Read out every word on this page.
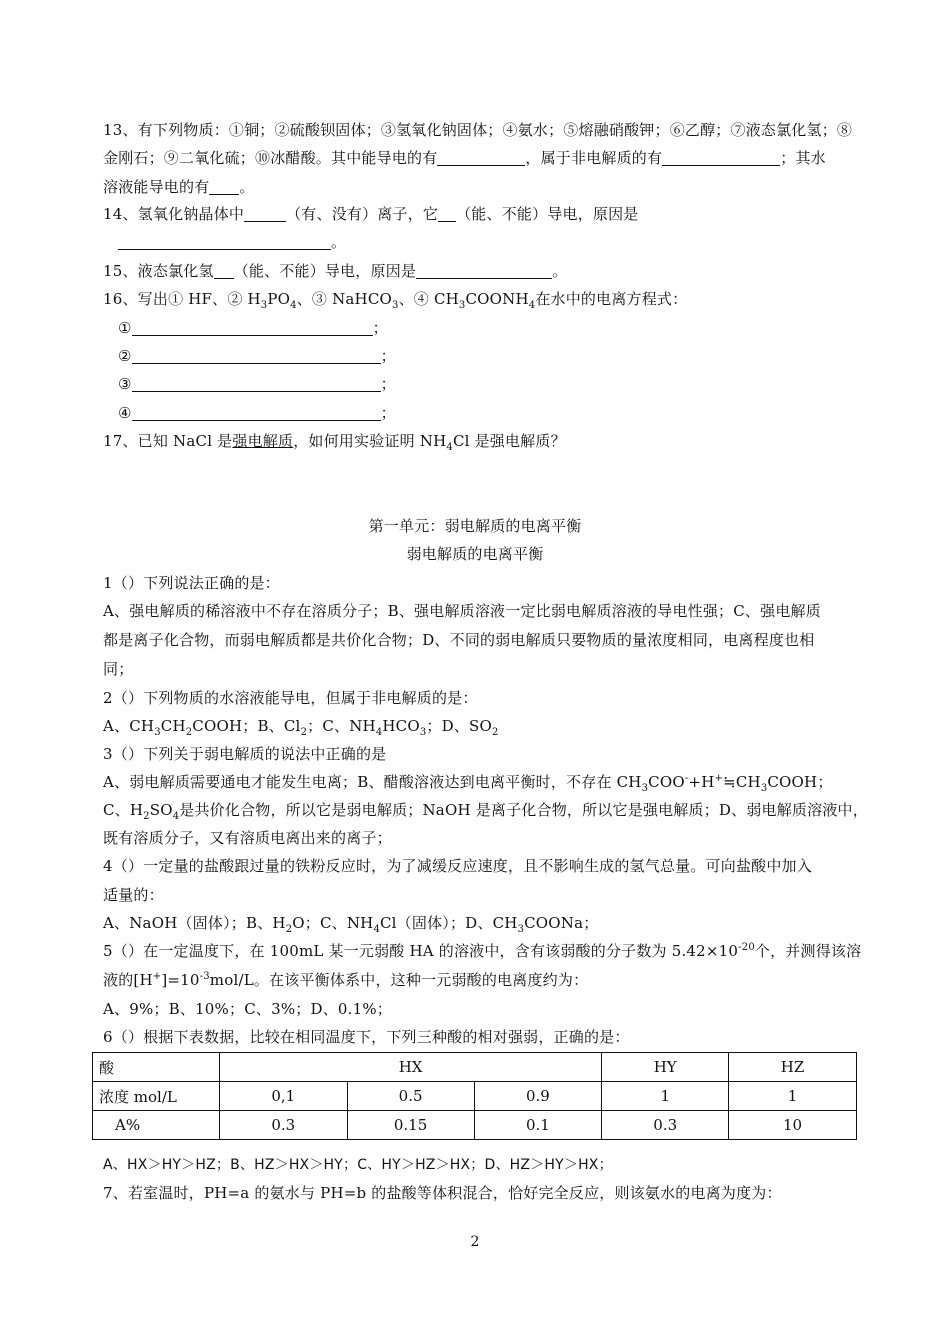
13、有下列物质：①铜；②硫酸钡固体；③氢氧化钠固体；④氨水；⑤熔融硝酸钾；⑥乙醇；⑦液态氯化氢；⑧
金刚石；⑨二氧化硫；⑩冰醋酸。其中能导电的有	，属于非电解质的有	；其水
溶液能导电的有 。
14、氢氧化钠晶体中	（有、没有）离子，它 （能、不能）导电，原因是
。
15、液态氯化氢 （能、不能）导电，原因是	。
16、写出① HF、② $H_3PO_4$、③ NaHCO$_3$、④ $CH_3COONH_4$在水中的电离方程式：
①	；
②	；
③	；
④	；
17、已知 NaCl 是强电解质，如何用实验证明 $NH_4Cl$ 是强电解质？
第一单元：弱电解质的电离平衡
弱电解质的电离平衡
1（）下列说法正确的是：
A、强电解质的稀溶液中不存在溶质分子；B、强电解质溶液一定比弱电解质溶液的导电性强；C、强电解质
都是离子化合物，而弱电解质都是共价化合物；D、不同的弱电解质只要物质的量浓度相同，电离程度也相
同；
2（）下列物质的水溶液能导电，但属于非电解质的是：
A、$CH_3CH_2COOH$；B、$Cl_2$；C、$NH_4HCO_3$；D、$SO_2$
3（）下列关于弱电解质的说法中正确的是
A、弱电解质需要通电才能发生电离；B、醋酸溶液达到电离平衡时，不存在 $CH_3COO^-+H^+≒CH_3COOH$；
C、$H_2SO_4$是共价化合物，所以它是弱电解质；NaOH 是离子化合物，所以它是强电解质；D、弱电解质溶液中，
既有溶质分子，又有溶质电离出来的离子；
4（）一定量的盐酸跟过量的铁粉反应时，为了减缓反应速度，且不影响生成的氢气总量。可向盐酸中加入
适量的：
A、NaOH（固体）；B、$H_2O$；C、$NH_4Cl$（固体）；D、$CH_3COONa$；
5（）在一定温度下，在 100mL 某一元弱酸 HA 的溶液中，含有该弱酸的分子数为 $5.42\times 10^{-20}$个，并测得该溶
液的$[H^+]=10^{-3}mol/L$。在该平衡体系中，这种一元弱酸的电离度约为：
A、9%；B、10%；C、3%；D、0.1%；
6（）根据下表数据，比较在相同温度下，下列三种酸的相对强弱，正确的是：
酸	HX			HY	HZ
浓度 mol/L	0,1	0.5	0.9	1	1
A%	0.3	0.15	0.1	0.3	10
A、HX＞HY＞HZ；B、HZ＞HX＞HY；C、HY＞HZ＞HX；D、HZ＞HY＞HX；
7、若室温时，PH=a 的氨水与 PH=b 的盐酸等体积混合，恰好完全反应，则该氨水的电离为度为：
2
